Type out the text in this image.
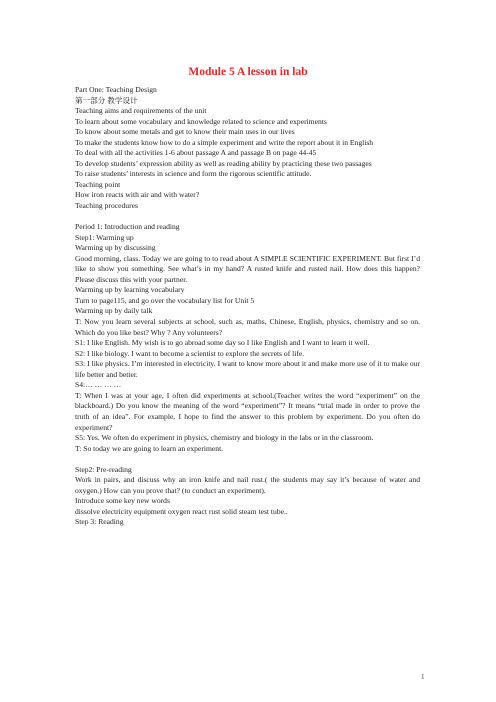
Module 5 A lesson in lab

Part One: Teaching Design

第一部分 教学设计

Teaching aims and requirements of the unit

To learn about some vocabulary and knowledge related to science and experiments

To know about some metals and get to know their main uses in our lives

To make the students know how to do a simple experiment and write the report about it in English

To deal with all the activities 1-6 about passage A and passage B on page 44-45

To develop students’ expression ability as well as reading ability by practicing these two passages

To raise students’ interests in science and form the rigorous scientific attitude.

Teaching point

How iron reacts with air and with water?

Teaching procedures

Period 1: Introduction and reading

Step1: Warming up

Warming up by discussing

Good morning, class. Today we are going to to read about A SIMPLE SCIENTIFIC EXPERIMENT. But first I’d like to show you something. See what’s in my hand? A rusted knife and rusted nail. How does this happen? Please discuss this with your partner.

Warming up by learning vocabulary

Turn to page115, and go over the vocabulary list for Unit 5

Warming up by daily talk

T: Now you learn several subjects at school, such as, maths, Chinese, English, physics, chemistry and so on. Which do you like best? Why ? Any volunteers?

S1: I like English. My wish is to go abroad some day so I like English and I want to learn it well.

S2: I like biology. I want to become a scientist to explore the secrets of life.

S3: I like physics. I’m interested in electricity. I want to know more about it and make more use of it to make our life better and better.

S4:… … … …

T: When I was at your age, I often did experiments at school.(Teacher writes the word “experiment” on the blackboard.) Do you know the meaning of the word “experiment”? It means “trial made in order to prove the truth of an idea”. For example, I hope to find the answer to this problem by experiment. Do you often do experiment?

S5: Yes. We often do experiment in physics, chemistry and biology in the labs or in the classroom.

T: So today we are going to learn an experiment.

Step2: Pre-reading

Work in pairs, and discuss why an iron knife and nail rust.( the students may say it’s because of water and oxygen.) How can you prove that? (to conduct an experiment).

Introduce some key new words

dissolve electricity equipment oxygen react rust solid steam test tube..

Step 3: Reading

1
